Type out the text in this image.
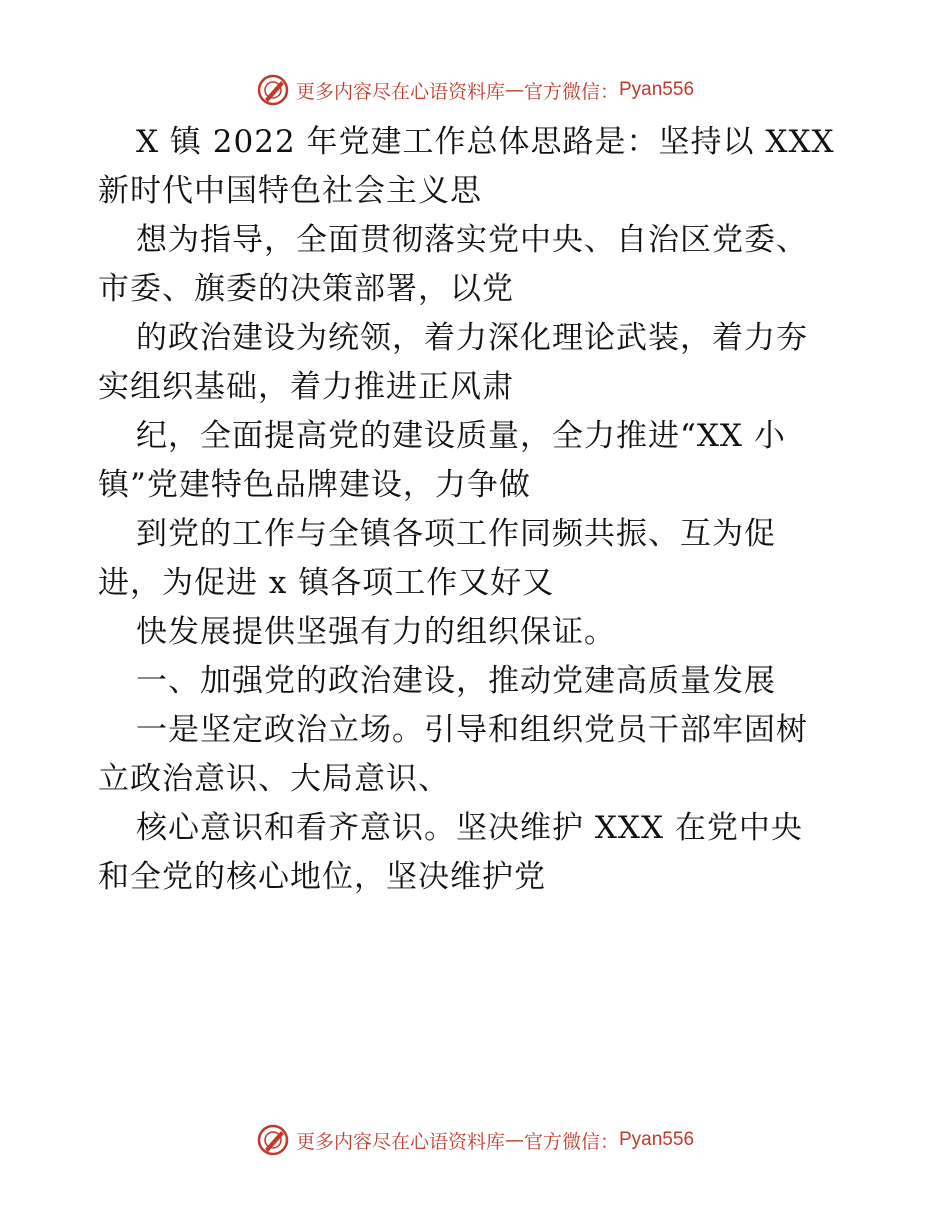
更多内容尽在心语资料库 — 官方微信： Pyan556
X 镇 2022 年党建工作总体思路是：坚持以 XXX
新时代中国特色社会主义思
想为指导，全面贯彻落实党中央、自治区党委、
市委、旗委的决策部署，以党
的政治建设为统领，着力深化理论武装，着力夯
实组织基础，着力推进正风肃
纪，全面提高党的建设质量，全力推进“XX 小
镇”党建特色品牌建设，力争做
到党的工作与全镇各项工作同频共振、互为促
进，为促进 x 镇各项工作又好又
快发展提供坚强有力的组织保证。
一、加强党的政治建设，推动党建高质量发展
一是坚定政治立场。引导和组织党员干部牢固树
立政治意识、大局意识、
核心意识和看齐意识。坚决维护 XXX 在党中央
和全党的核心地位，坚决维护党
更多内容尽在心语资料库 — 官方微信： Pyan556
